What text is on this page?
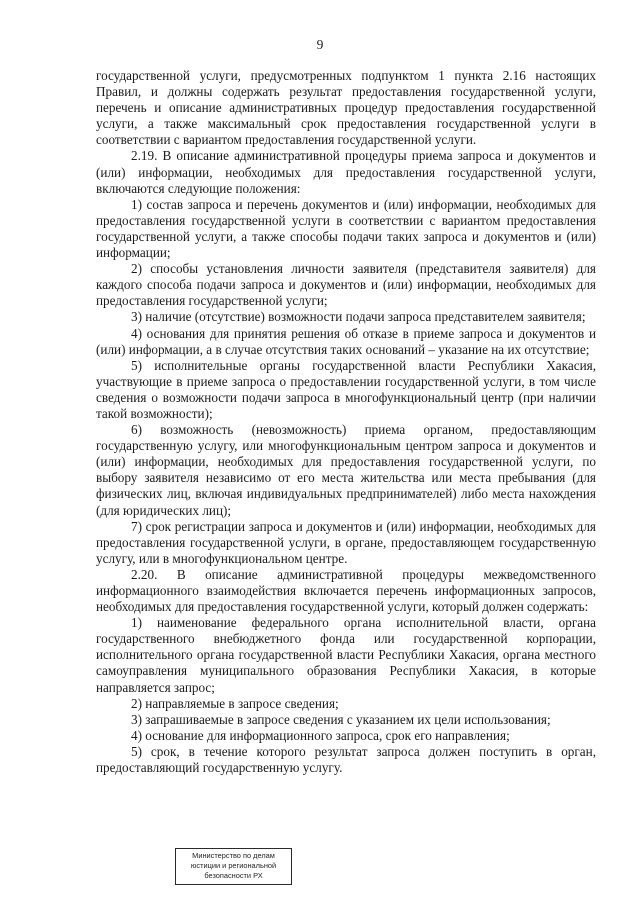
9

государственной услуги, предусмотренных подпунктом 1 пункта 2.16 настоящих Правил, и должны содержать результат предоставления государственной услуги, перечень и описание административных процедур предоставления государственной услуги, а также максимальный срок предоставления государственной услуги в соответствии с вариантом предоставления государственной услуги.

2.19. В описание административной процедуры приема запроса и документов и (или) информации, необходимых для предоставления государственной услуги, включаются следующие положения:

1) состав запроса и перечень документов и (или) информации, необходимых для предоставления государственной услуги в соответствии с вариантом предоставления государственной услуги, а также способы подачи таких запроса и документов и (или) информации;

2) способы установления личности заявителя (представителя заявителя) для каждого способа подачи запроса и документов и (или) информации, необходимых для предоставления государственной услуги;

3) наличие (отсутствие) возможности подачи запроса представителем заявителя;

4) основания для принятия решения об отказе в приеме запроса и документов и (или) информации, а в случае отсутствия таких оснований – указание на их отсутствие;

5) исполнительные органы государственной власти Республики Хакасия, участвующие в приеме запроса о предоставлении государственной услуги, в том числе сведения о возможности подачи запроса в многофункциональный центр (при наличии такой возможности);

6) возможность (невозможность) приема органом, предоставляющим государственную услугу, или многофункциональным центром запроса и документов и (или) информации, необходимых для предоставления государственной услуги, по выбору заявителя независимо от его места жительства или места пребывания (для физических лиц, включая индивидуальных предпринимателей) либо места нахождения (для юридических лиц);

7) срок регистрации запроса и документов и (или) информации, необходимых для предоставления государственной услуги, в органе, предоставляющем государственную услугу, или в многофункциональном центре.

2.20. В описание административной процедуры межведомственного информационного взаимодействия включается перечень информационных запросов, необходимых для предоставления государственной услуги, который должен содержать:

1) наименование федерального органа исполнительной власти, органа государственного внебюджетного фонда или государственной корпорации, исполнительного органа государственной власти Республики Хакасия, органа местного самоуправления муниципального образования Республики Хакасия, в которые направляется запрос;

2) направляемые в запросе сведения;

3) запрашиваемые в запросе сведения с указанием их цели использования;

4) основание для информационного запроса, срок его направления;

5) срок, в течение которого результат запроса должен поступить в орган, предоставляющий государственную услугу.

Министерство по делам
юстиции и региональной
безопасности РХ
